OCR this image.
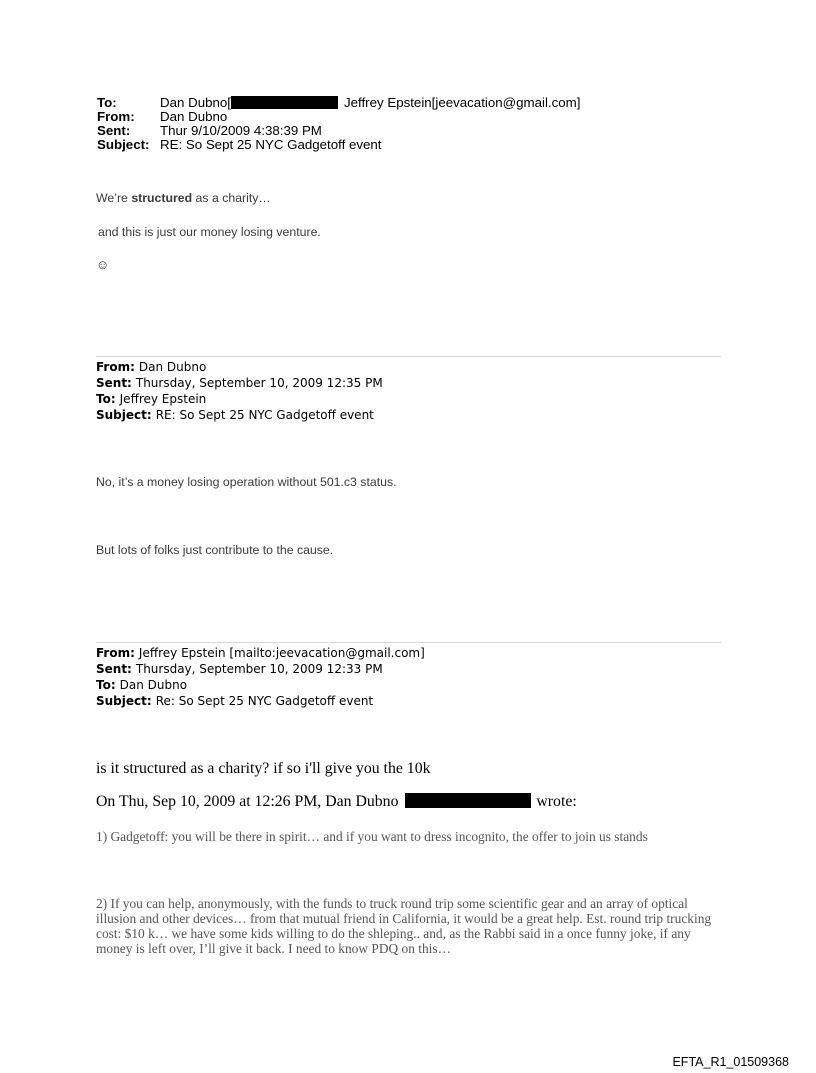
To:	Dan Dubno[	Jeffrey Epstein[jeevacation@gmail.com]
From:	Dan Dubno
Sent:	Thur 9/10/2009 4:38:39 PM
Subject: RE: So Sept 25 NYC Gadgetoff event
We’re structured as a charity…
and this is just our money losing venture.
☺
From: Dan Dubno
Sent: Thursday, September 10, 2009 12:35 PM
To: Jeffrey Epstein
Subject: RE: So Sept 25 NYC Gadgetoff event
No, it’s a money losing operation without 501.c3 status.
But lots of folks just contribute to the cause.
From: Jeffrey Epstein [mailto:jeevacation@gmail.com]
Sent: Thursday, September 10, 2009 12:33 PM
To: Dan Dubno
Subject: Re: So Sept 25 NYC Gadgetoff event
is it structured as a charity? if so i'll give you the 10k
On Thu, Sep 10, 2009 at 12:26 PM, Dan Dubno	wrote:
1) Gadgetoff: you will be there in spirit… and if you want to dress incognito, the offer to join us stands
2) If you can help, anonymously, with the funds to truck round trip some scientific gear and an array of optical illusion and other devices… from that mutual friend in California, it would be a great help. Est. round trip trucking cost: $10 k… we have some kids willing to do the shleping.. and, as the Rabbi said in a once funny joke, if any money is left over, I’ll give it back. I need to know PDQ on this…
EFTA_R1_01509368
